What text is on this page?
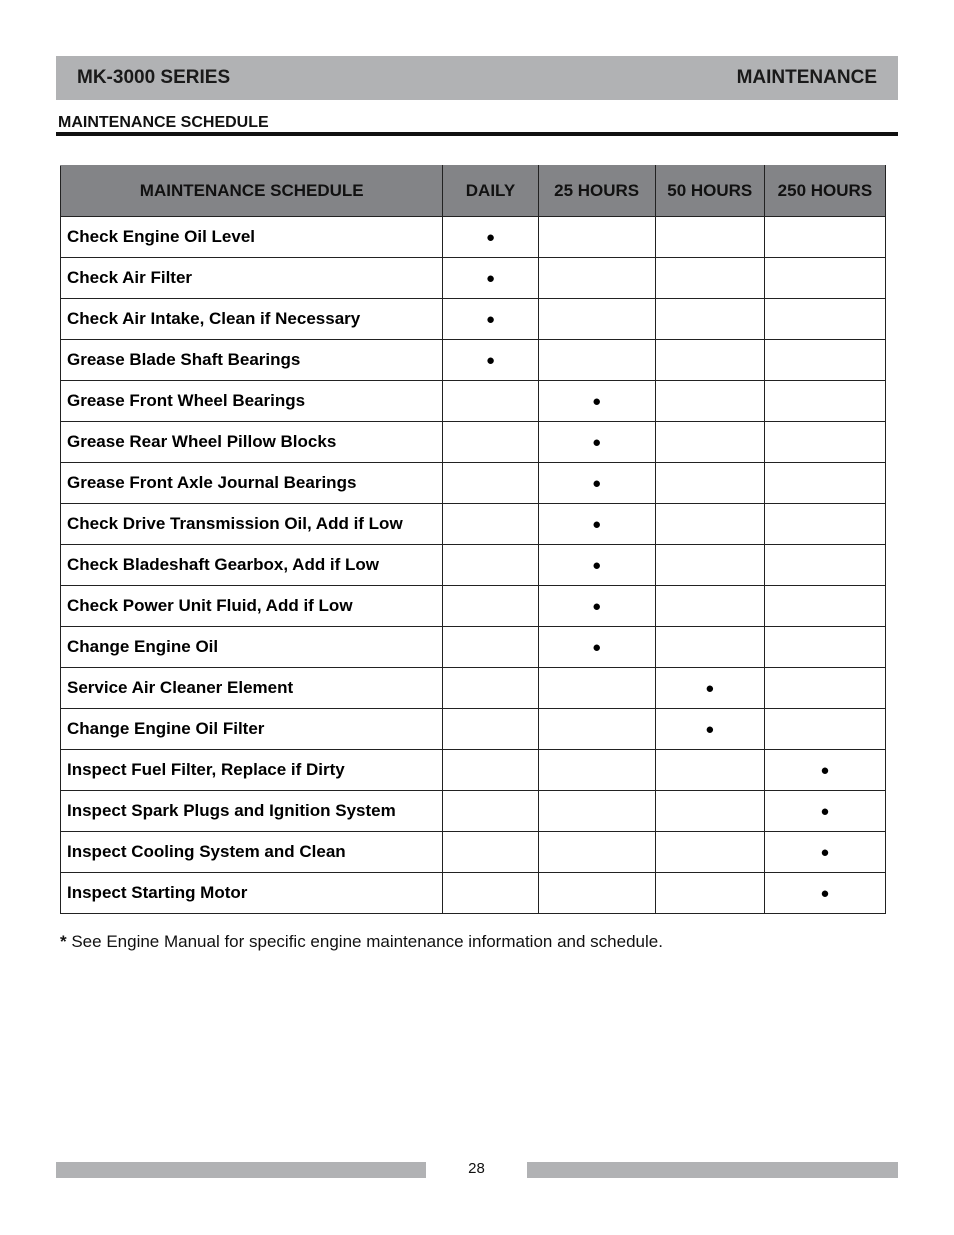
MK-3000 SERIES	MAINTENANCE
MAINTENANCE SCHEDULE
MAINTENANCE SCHEDULE	DAILY	25 HOURS	50 HOURS	250 HOURS
Check Engine Oil Level	●			
Check Air Filter	●			
Check Air Intake, Clean if Necessary	●			
Grease Blade Shaft Bearings	●			
Grease Front Wheel Bearings		●		
Grease Rear Wheel Pillow Blocks		●		
Grease Front Axle Journal Bearings		●		
Check Drive Transmission Oil, Add if Low		●		
Check Bladeshaft Gearbox, Add if Low		●		
Check Power Unit Fluid, Add if Low		●		
Change Engine Oil		●		
Service Air Cleaner Element			●	
Change Engine Oil Filter			●	
Inspect Fuel Filter, Replace if Dirty				●
Inspect Spark Plugs and Ignition System				●
Inspect Cooling System and Clean				●
Inspect Starting Motor				●
* See Engine Manual for specific engine maintenance information and schedule.
28
